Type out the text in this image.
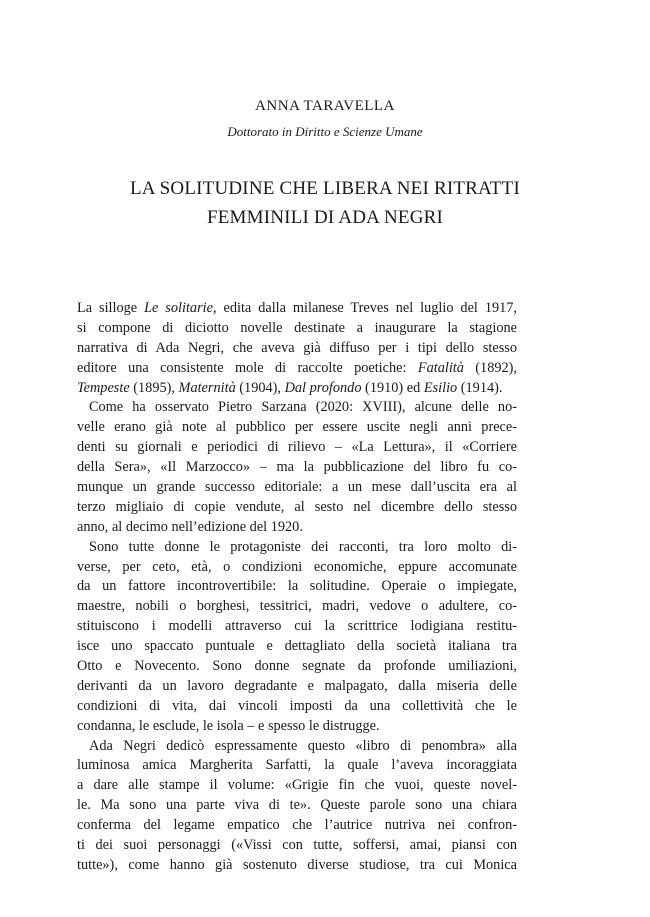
ANNA TARAVELLA
Dottorato in Diritto e Scienze Umane
LA SOLITUDINE CHE LIBERA NEI RITRATTI
FEMMINILI DI ADA NEGRI
La silloge Le solitarie, edita dalla milanese Treves nel luglio del 1917,
si compone di diciotto novelle destinate a inaugurare la stagione
narrativa di Ada Negri, che aveva già diffuso per i tipi dello stesso
editore una consistente mole di raccolte poetiche: Fatalità (1892),
Tempeste (1895), Maternità (1904), Dal profondo (1910) ed Esilio (1914).
Come ha osservato Pietro Sarzana (2020: XVIII), alcune delle no-
velle erano già note al pubblico per essere uscite negli anni prece-
denti su giornali e periodici di rilievo – «La Lettura», il «Corriere
della Sera», «Il Marzocco» – ma la pubblicazione del libro fu co-
munque un grande successo editoriale: a un mese dall’uscita era al
terzo migliaio di copie vendute, al sesto nel dicembre dello stesso
anno, al decimo nell’edizione del 1920.
Sono tutte donne le protagoniste dei racconti, tra loro molto di-
verse, per ceto, età, o condizioni economiche, eppure accomunate
da un fattore incontrovertibile: la solitudine. Operaie o impiegate,
maestre, nobili o borghesi, tessitrici, madri, vedove o adultere, co-
stituiscono i modelli attraverso cui la scrittrice lodigiana restitu-
isce uno spaccato puntuale e dettagliato della società italiana tra
Otto e Novecento. Sono donne segnate da profonde umiliazioni,
derivanti da un lavoro degradante e malpagato, dalla miseria delle
condizioni di vita, dai vincoli imposti da una collettività che le
condanna, le esclude, le isola – e spesso le distrugge.
Ada Negri dedicò espressamente questo «libro di penombra» alla
luminosa amica Margherita Sarfatti, la quale l’aveva incoraggiata
a dare alle stampe il volume: «Grigie fin che vuoi, queste novel-
le. Ma sono una parte viva di te». Queste parole sono una chiara
conferma del legame empatico che l’autrice nutriva nei confron-
ti dei suoi personaggi («Vissi con tutte, soffersi, amai, piansi con
tutte»), come hanno già sostenuto diverse studiose, tra cui Monica
